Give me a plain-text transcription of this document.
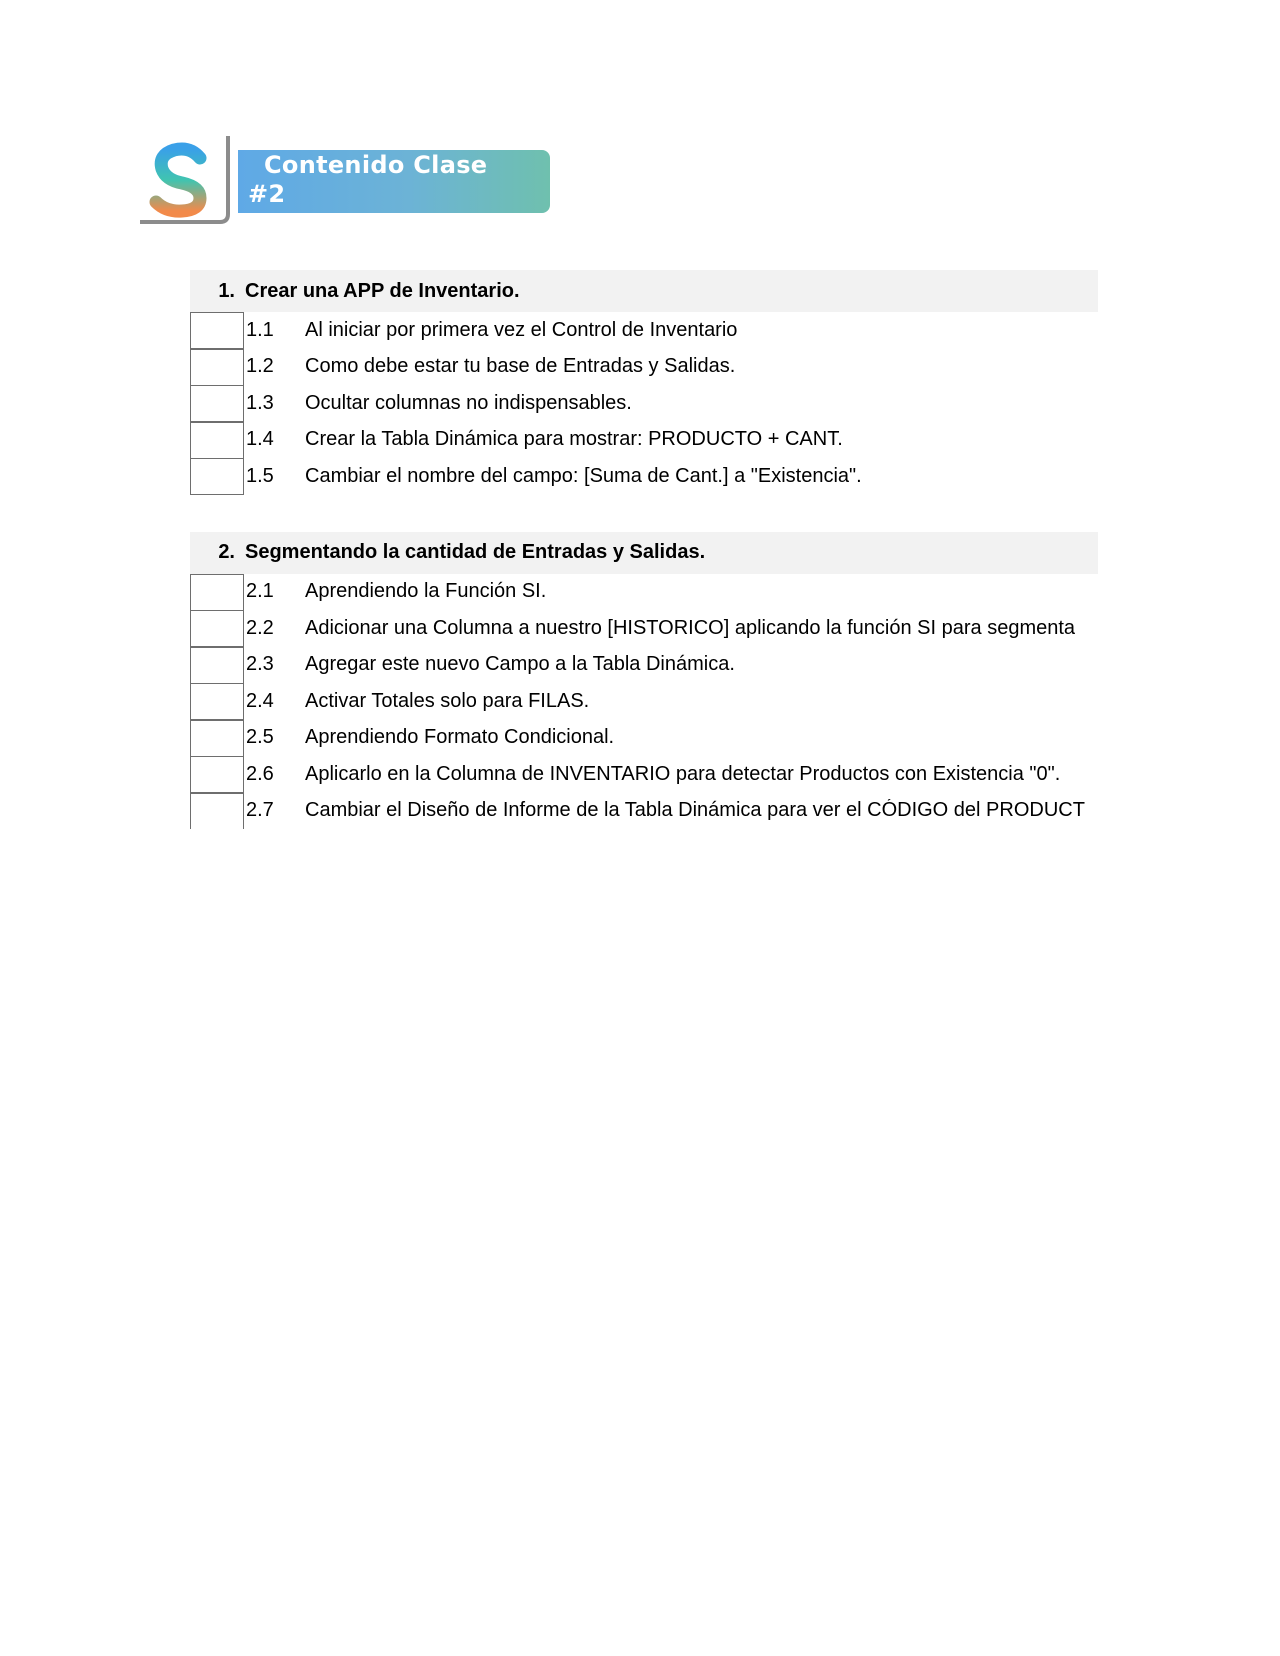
Contenido Clase
#2
1. Crear una APP de Inventario.
1.1	Al iniciar por primera vez el Control de Inventario
1.2	Como debe estar tu base de Entradas y Salidas.
1.3	Ocultar columnas no indispensables.
1.4	Crear la Tabla Dinámica para mostrar: PRODUCTO + CANT.
1.5	Cambiar el nombre del campo: [Suma de Cant.] a "Existencia".
2. Segmentando la cantidad de Entradas y Salidas.
2.1	Aprendiendo la Función SI.
2.2	Adicionar una Columna a nuestro [HISTORICO] aplicando la función SI para segmenta
2.3	Agregar este nuevo Campo a la Tabla Dinámica.
2.4	Activar Totales solo para FILAS.
2.5	Aprendiendo Formato Condicional.
2.6	Aplicarlo en la Columna de INVENTARIO para detectar Productos con Existencia "0".
2.7	Cambiar el Diseño de Informe de la Tabla Dinámica para ver el CÓDIGO del PRODUCT
